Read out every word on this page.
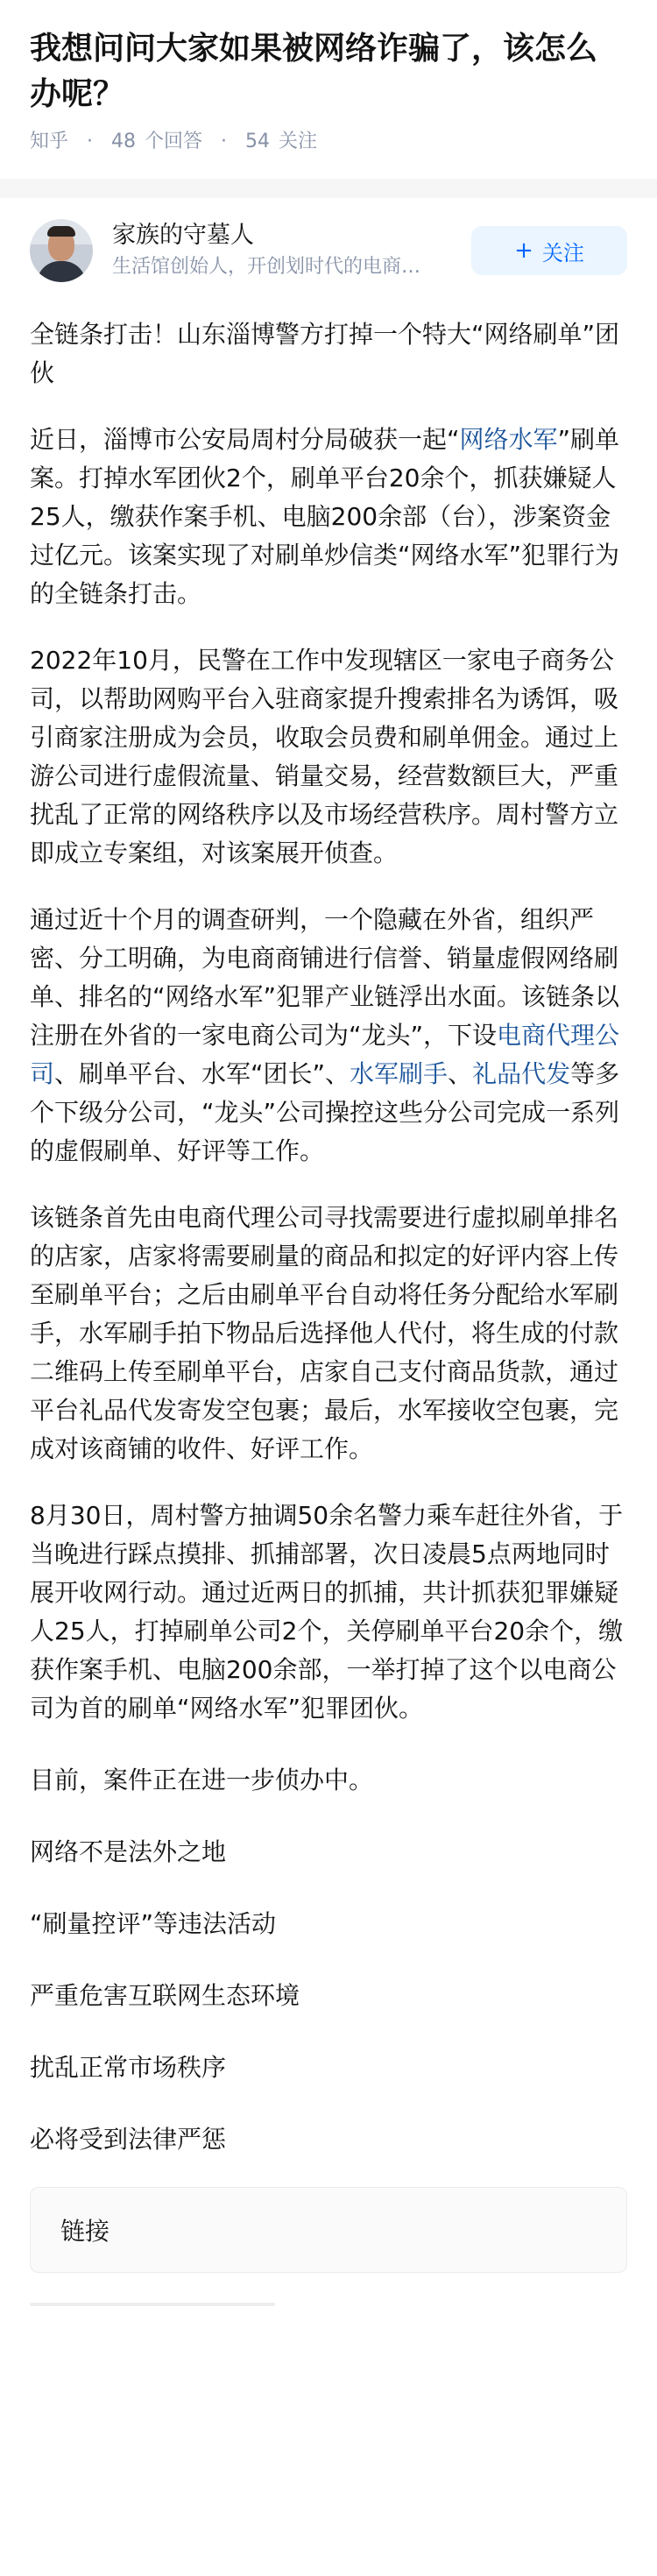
我想问问大家如果被网络诈骗了，该怎么办呢？
知乎 · 48 个回答 · 54 关注
家族的守墓人
生活馆创始人，开创划时代的电商…
+ 关注

全链条打击！山东淄博警方打掉一个特大“网络刷单”团伙

近日，淄博市公安局周村分局破获一起“网络水军”刷单案。打掉水军团伙2个，刷单平台20余个，抓获嫌疑人25人，缴获作案手机、电脑200余部（台），涉案资金过亿元。该案实现了对刷单炒信类“网络水军”犯罪行为的全链条打击。

2022年10月，民警在工作中发现辖区一家电子商务公司，以帮助网购平台入驻商家提升搜索排名为诱饵，吸引商家注册成为会员，收取会员费和刷单佣金。通过上游公司进行虚假流量、销量交易，经营数额巨大，严重扰乱了正常的网络秩序以及市场经营秩序。周村警方立即成立专案组，对该案展开侦查。

通过近十个月的调查研判，一个隐藏在外省，组织严密、分工明确，为电商商铺进行信誉、销量虚假网络刷单、排名的“网络水军”犯罪产业链浮出水面。该链条以注册在外省的一家电商公司为“龙头”，下设电商代理公司、刷单平台、水军“团长”、水军刷手、礼品代发等多个下级分公司，“龙头”公司操控这些分公司完成一系列的虚假刷单、好评等工作。

该链条首先由电商代理公司寻找需要进行虚拟刷单排名的店家，店家将需要刷量的商品和拟定的好评内容上传至刷单平台；之后由刷单平台自动将任务分配给水军刷手，水军刷手拍下物品后选择他人代付，将生成的付款二维码上传至刷单平台，店家自己支付商品货款，通过平台礼品代发寄发空包裹；最后，水军接收空包裹，完成对该商铺的收件、好评工作。

8月30日，周村警方抽调50余名警力乘车赶往外省，于当晚进行踩点摸排、抓捕部署，次日凌晨5点两地同时展开收网行动。通过近两日的抓捕，共计抓获犯罪嫌疑人25人，打掉刷单公司2个，关停刷单平台20余个，缴获作案手机、电脑200余部，一举打掉了这个以电商公司为首的刷单“网络水军”犯罪团伙。

目前，案件正在进一步侦办中。

网络不是法外之地

“刷量控评”等违法活动

严重危害互联网生态环境

扰乱正常市场秩序

必将受到法律严惩

链接
